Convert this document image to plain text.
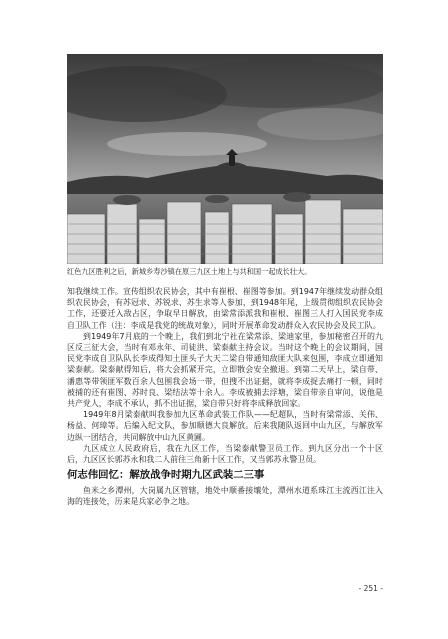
红色九区胜利之后，新城乡寿沙镇在原三九区土地上与共和国一起成长壮大。

知我继续工作。宣传组织农民协会，其中有崔根、崔图等参加。到1947年继续发动群众组织农民协会，有苏冠求、苏锐求、苏生求等人参加，到1948年尾，上级贯彻组织农民协会工作，还要迁入敌占区，争取早日解放，由梁常添派我和崔根、崔图三人打入国民党李成自卫队工作（注：李成是我党的统战对象），同时开展革命发动群众入农民协会及民工队。

到1949年7月底的一个晚上，我们到北宁社在梁常添、梁迪家里，参加秘密召开的九区反三征大会，当时有邓永年、司徒洪、梁泰献主持会议。当时这个晚上的会议期间，国民党李成自卫队队长李成得知土匪头子大天二梁自带通知敌匪大队来包围，李成立即通知梁泰献。梁泰献得知后，将大会抓紧开完，立即散会安全撤退。到第二天早上，梁自带、潘惠等带领匪军数百余人包围我会场一带，但搜不出证据，就将李成捉去痛打一顿，同时被捕的还有崔图、苏时良、梁结法等十余人。李成被捕去浮塘，梁自带亲自审问，说他是共产党人，李成不承认，抓不出证据，梁自带只好将李成释放回家。

1949年8月梁泰献叫我参加九区革命武装工作队——纪超队，当时有梁常添、关伟、杨益、何璋等。后编入纪文队，参加顺德大良解放。后来我随队返回中山九区，与解放军边纵一团结合，共同解放中山九区黄圃。

九区成立人民政府后，我在九区工作，当梁泰献警卫员工作。到九区分出一个十区后，九区区长郭苏永和我二人前往三角新十区工作，又当郭苏永警卫员。

何志伟回忆：解放战争时期九区武装二三事

鱼米之乡潭州，大岗属九区管辖，地处中顺番接壤处，潭州水道系珠江主流西江注入海的连接处，历来是兵家必争之地。

- 251 -
